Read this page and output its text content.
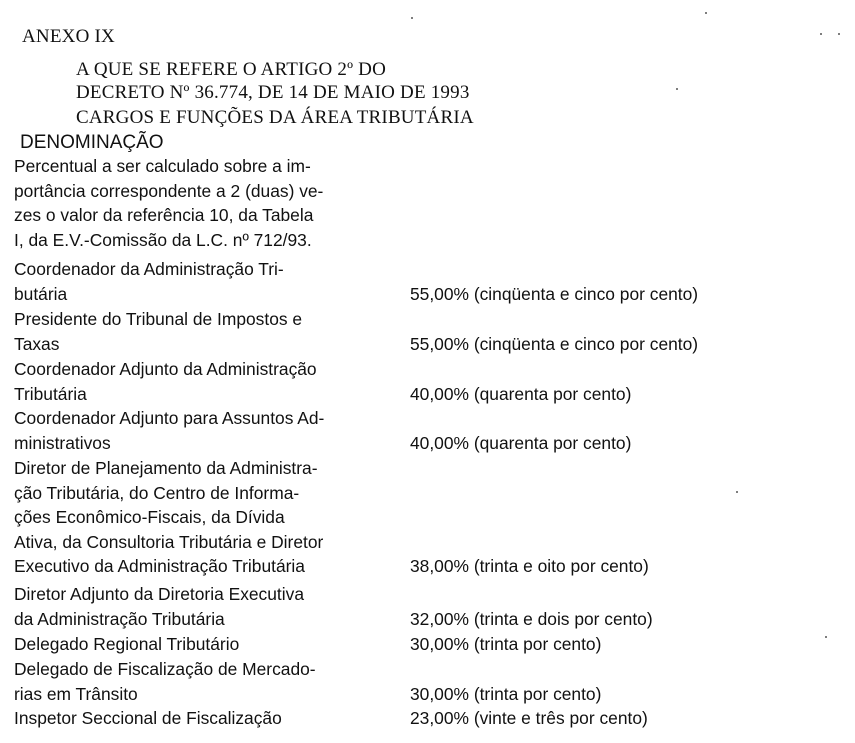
ANEXO IX
A QUE SE REFERE O ARTIGO 2º DO
DECRETO Nº 36.774, DE 14 DE MAIO DE 1993
CARGOS E FUNÇÕES DA ÁREA TRIBUTÁRIA
DENOMINAÇÃO
Percentual a ser calculado sobre a im-
portância correspondente a 2 (duas) ve-
zes o valor da referência 10, da Tabela
I, da E.V.-Comissão da L.C. nº 712/93.
Coordenador da Administração Tri-
butária	55,00% (cinqüenta e cinco por cento)
Presidente do Tribunal de Impostos e
Taxas	55,00% (cinqüenta e cinco por cento)
Coordenador Adjunto da Administração
Tributária	40,00% (quarenta por cento)
Coordenador Adjunto para Assuntos Ad-
ministrativos	40,00% (quarenta por cento)
Diretor de Planejamento da Administra-
ção Tributária, do Centro de Informa-
ções Econômico-Fiscais, da Dívida
Ativa, da Consultoria Tributária e Diretor
Executivo da Administração Tributária	38,00% (trinta e oito por cento)
Diretor Adjunto da Diretoria Executiva
da Administração Tributária	32,00% (trinta e dois por cento)
Delegado Regional Tributário	30,00% (trinta por cento)
Delegado de Fiscalização de Mercado-
rias em Trânsito	30,00% (trinta por cento)
Inspetor Seccional de Fiscalização	23,00% (vinte e três por cento)
